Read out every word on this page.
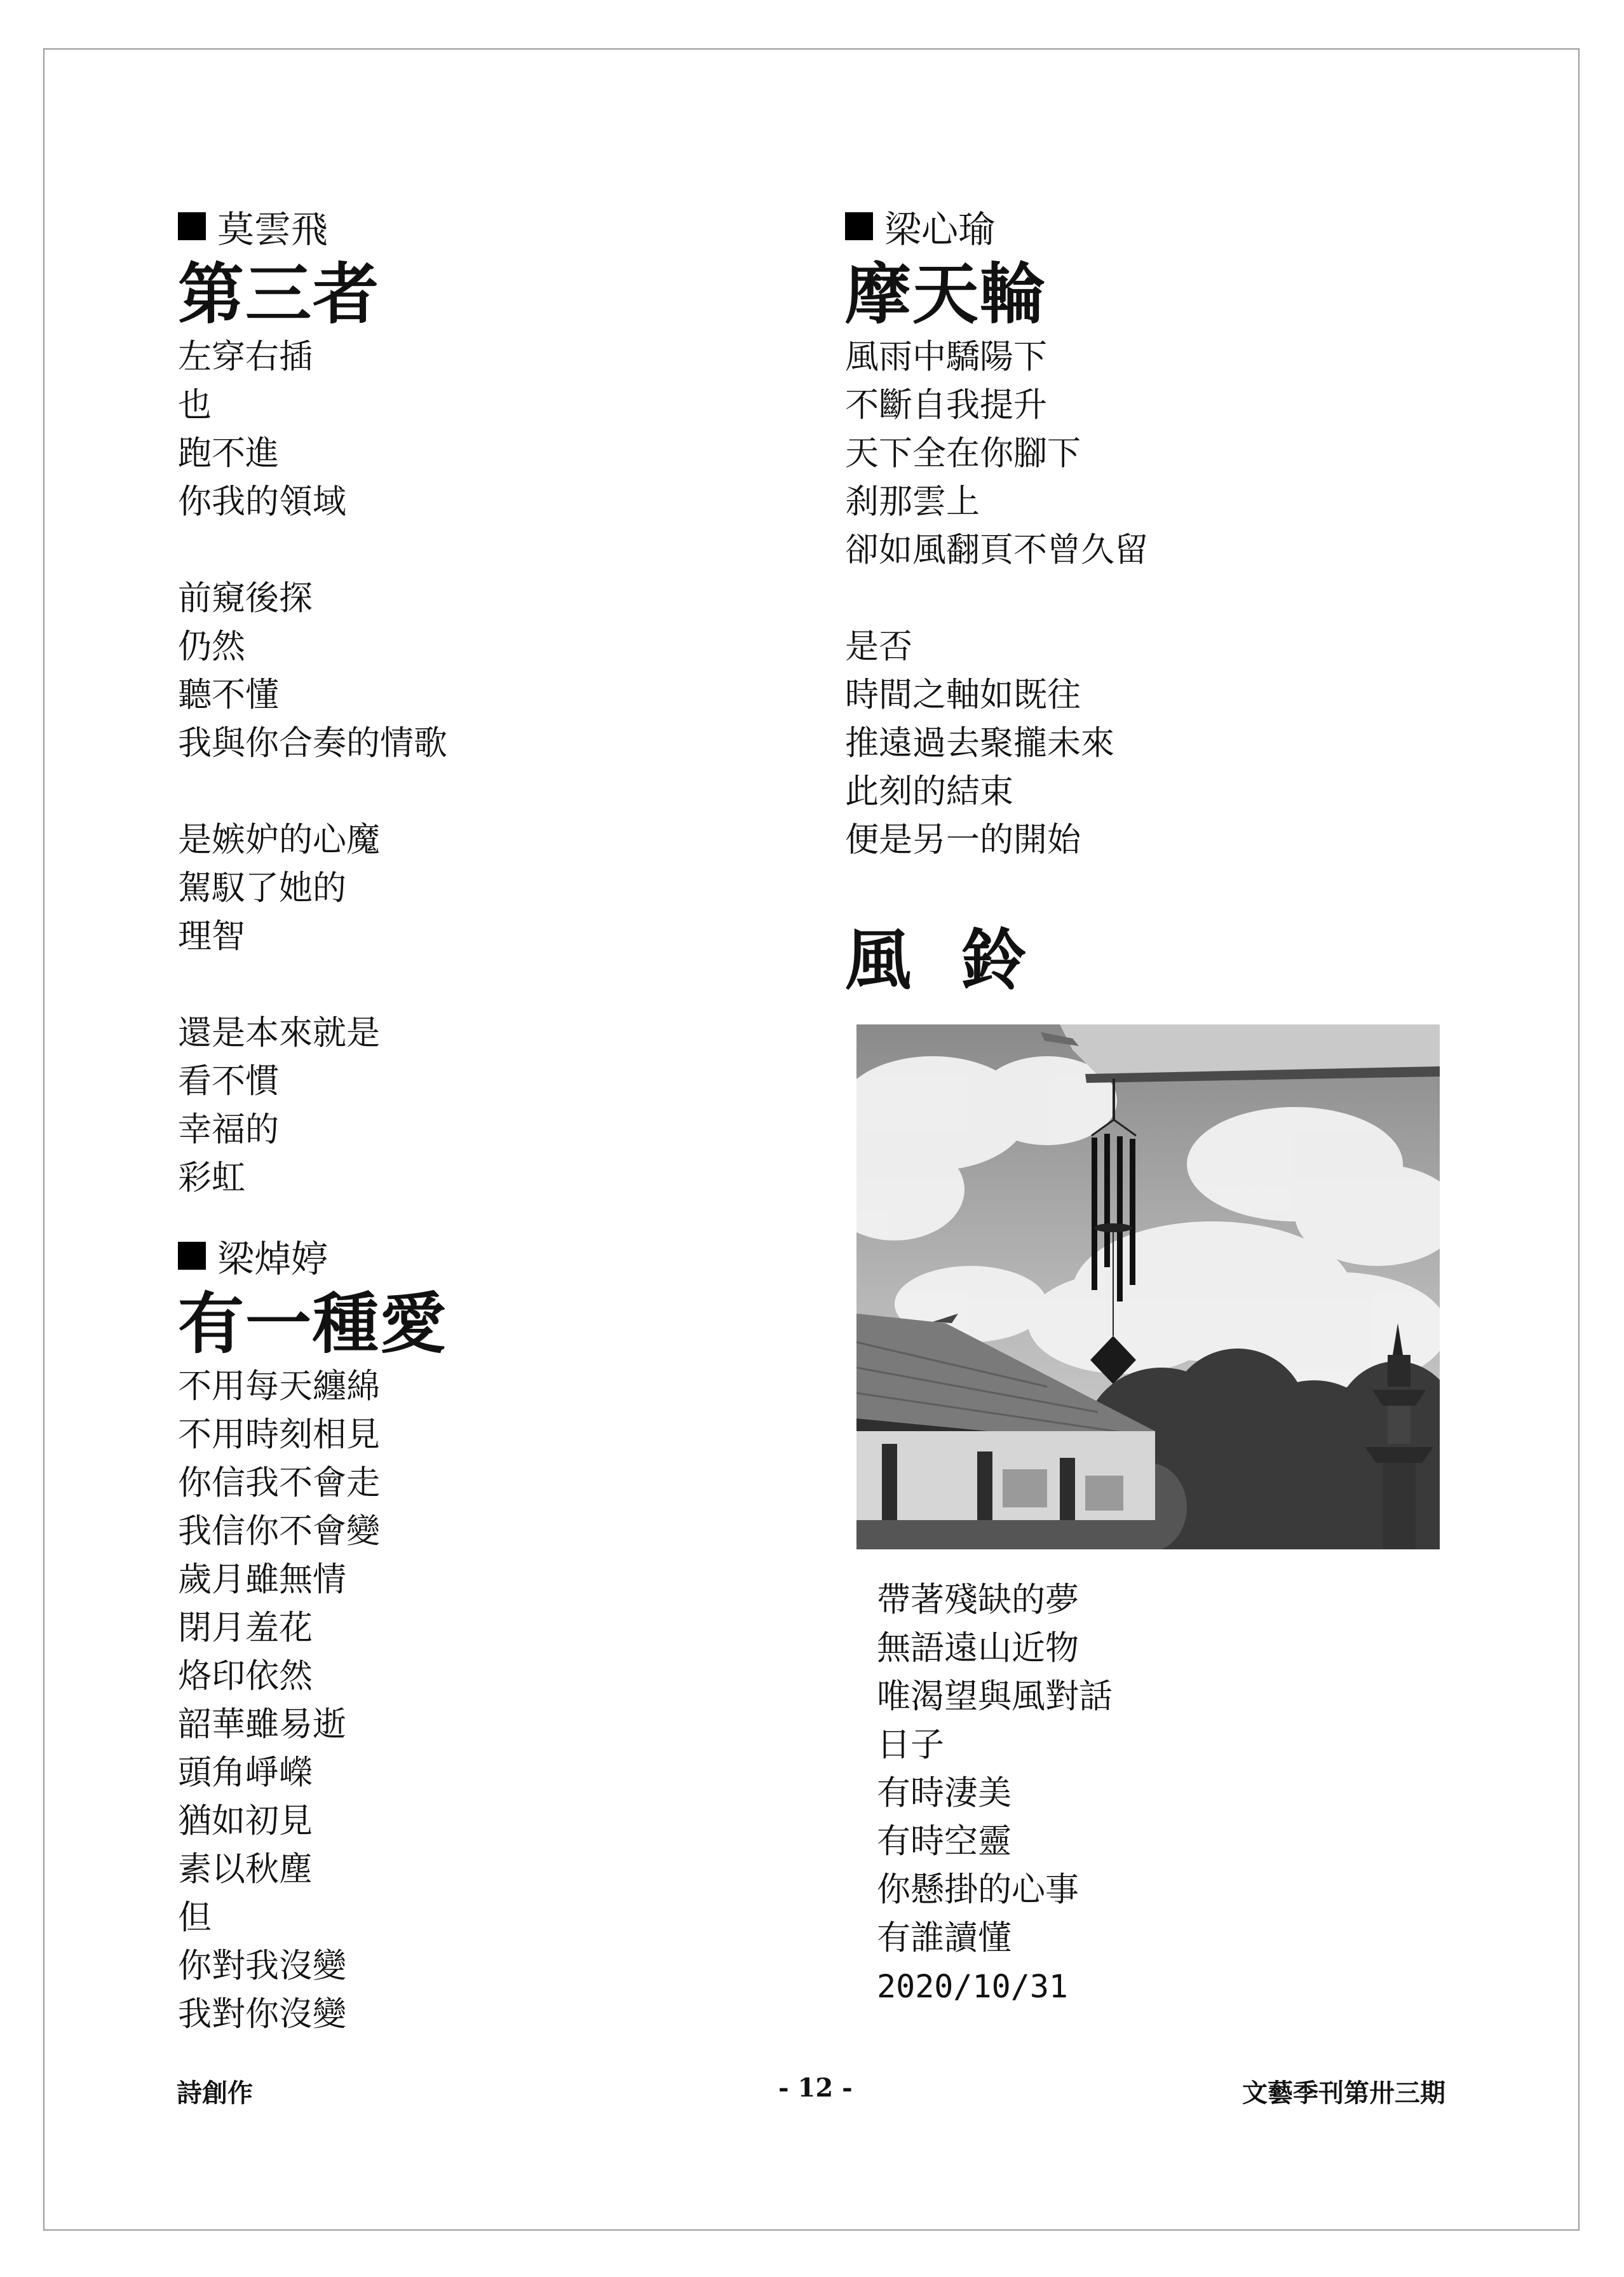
莫雲飛
第三者
左穿右插
也
跑不進
你我的領域
前窺後探
仍然
聽不懂
我與你合奏的情歌
是嫉妒的心魔
駕馭了她的
理智
還是本來就是
看不慣
幸福的
彩虹
梁焯婷
有一種愛
不用每天纏綿
不用時刻相見
你信我不會走
我信你不會變
歲月雖無情
閉月羞花
烙印依然
韶華雖易逝
頭角崢嶸
猶如初見
素以秋塵
但
你對我沒變
我對你沒變
梁心瑜
摩天輪
風雨中驕陽下
不斷自我提升
天下全在你腳下
刹那雲上
卻如風翻頁不曾久留
是否
時間之軸如既往
推遠過去聚攏未來
此刻的結束
便是另一的開始
風  鈴
帶著殘缺的夢
無語遠山近物
唯渴望與風對話
日子
有時淒美
有時空靈
你懸掛的心事
有誰讀懂
2020/10/31
詩創作	- 12 -	文藝季刊第卅三期
